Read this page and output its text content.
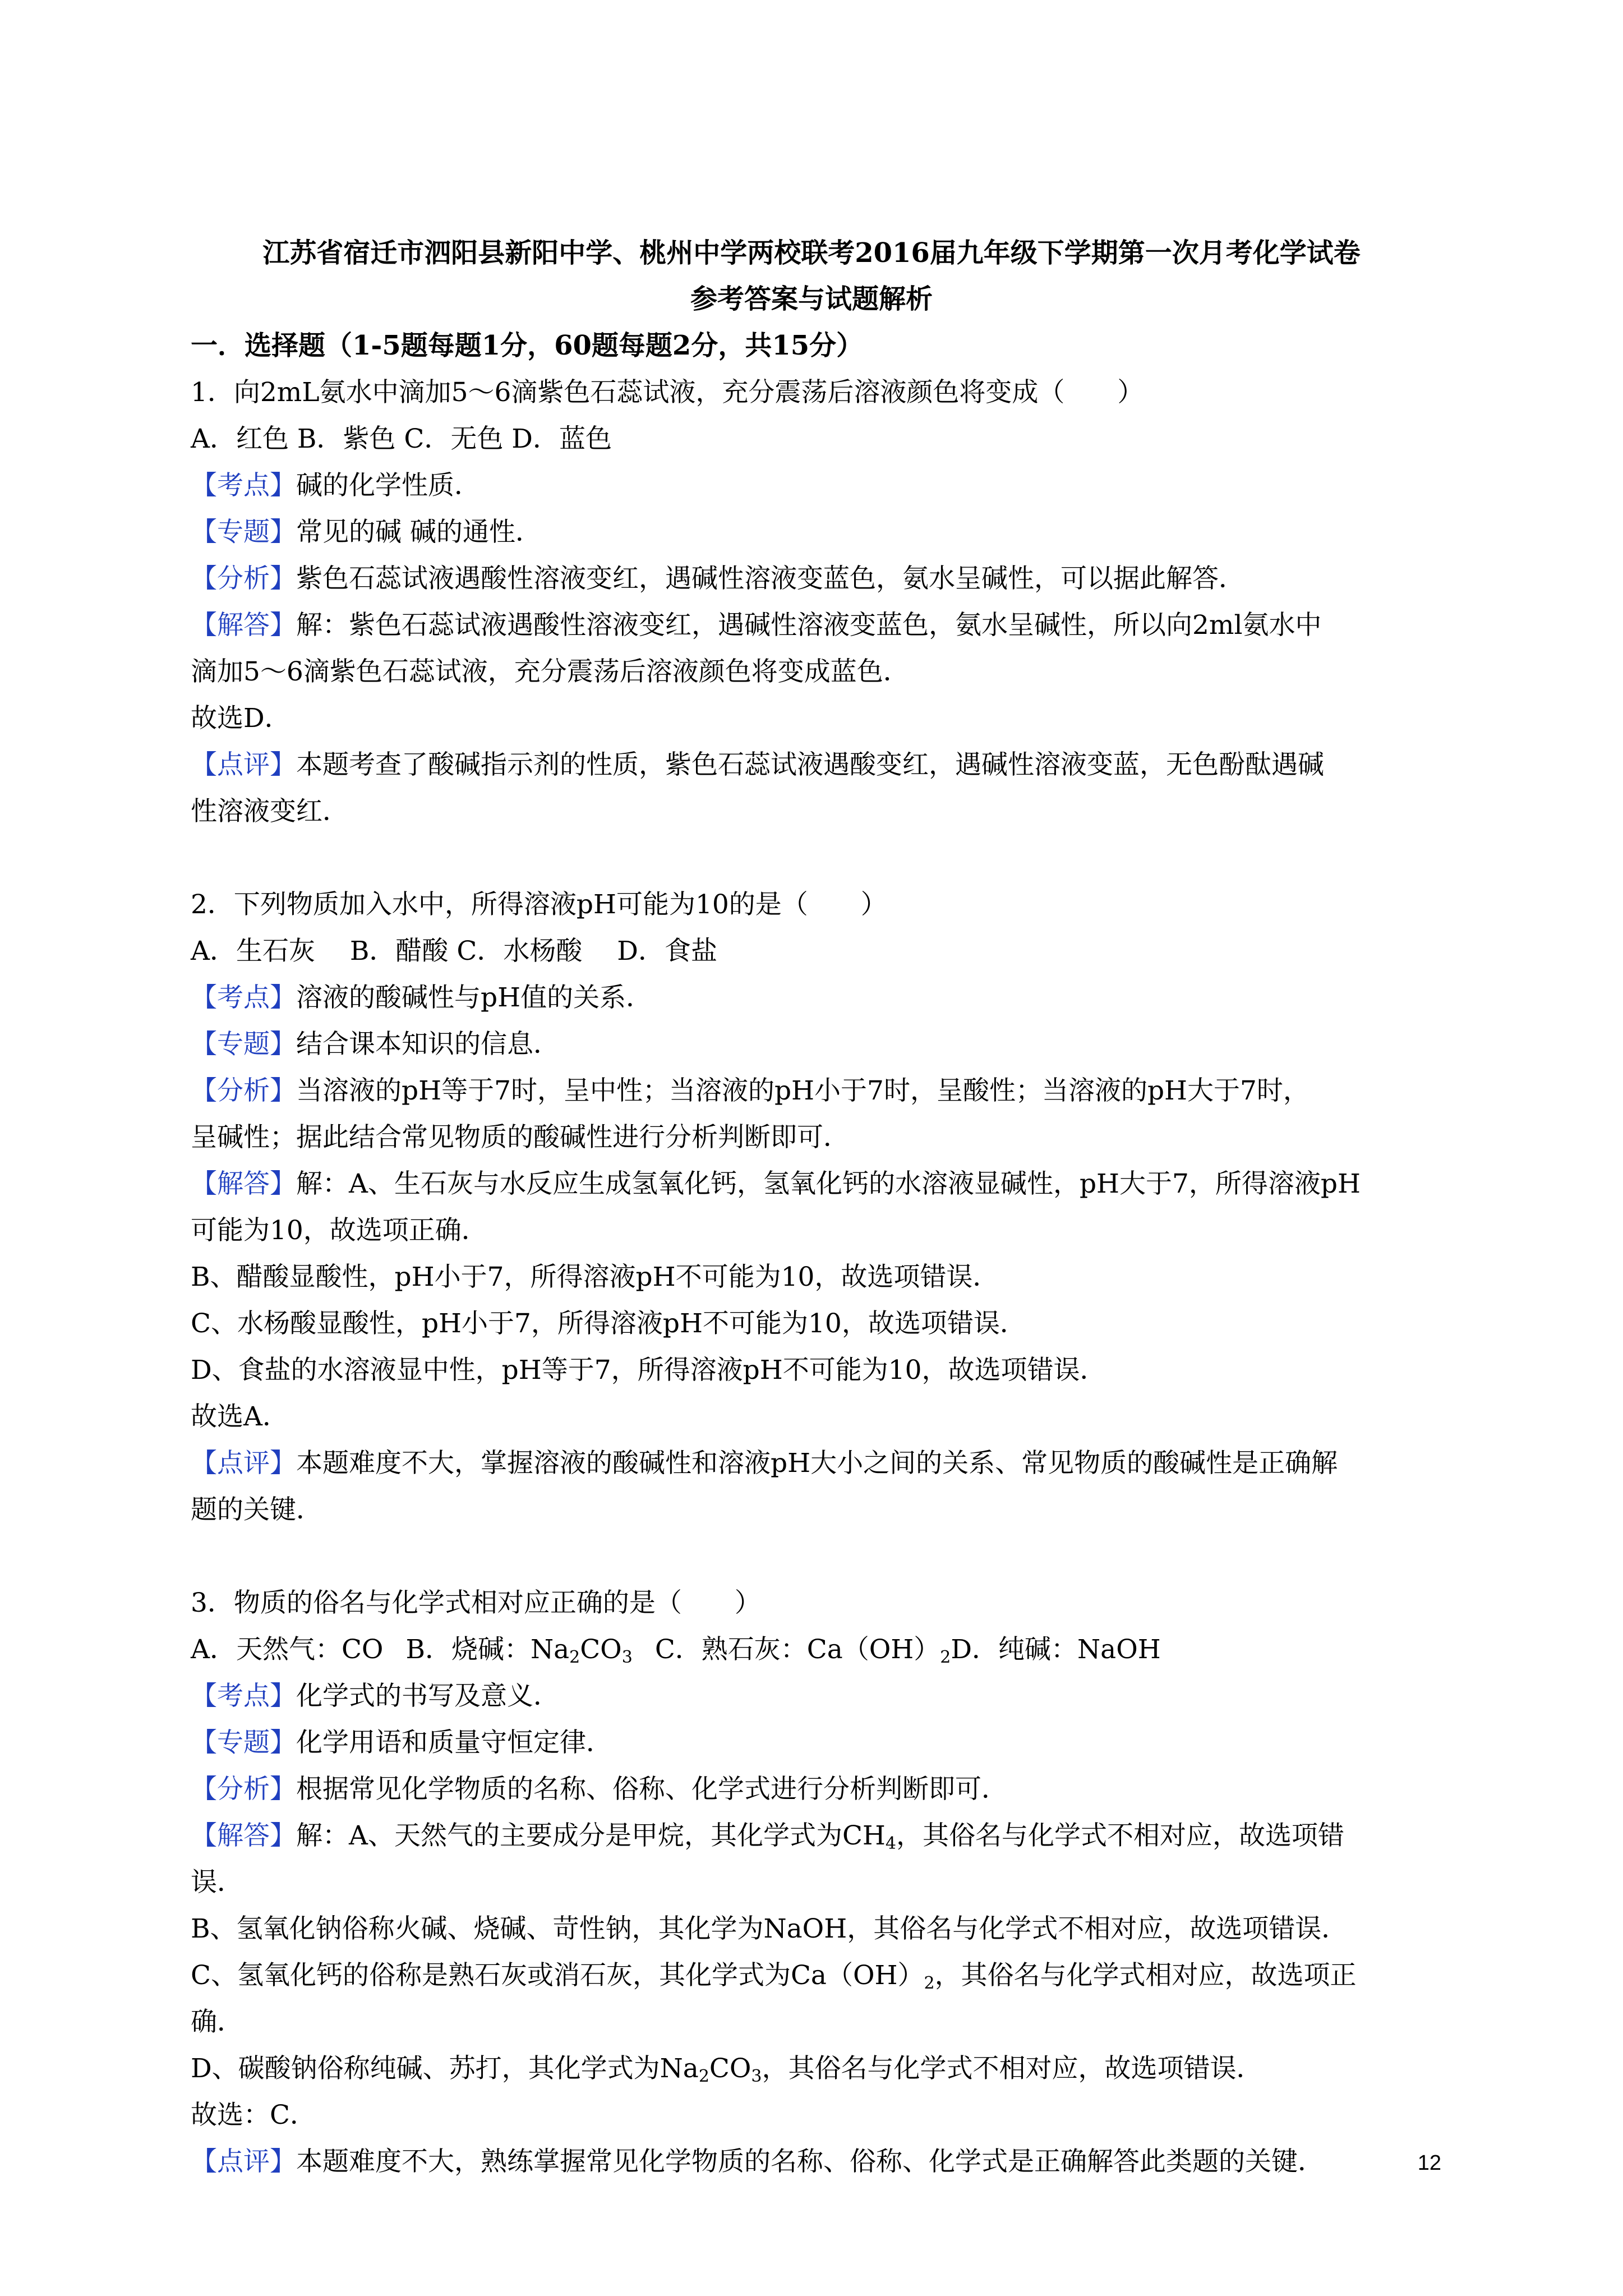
江苏省宿迁市泗阳县新阳中学、桃州中学两校联考2016届九年级下学期第一次月考化学试卷
参考答案与试题解析
一．选择题（1-5题每题1分，60题每题2分，共15分）
1．向2mL氨水中滴加5～6滴紫色石蕊试液，充分震荡后溶液颜色将变成（　　）
A．红色 B．紫色 C．无色 D．蓝色
【考点】碱的化学性质．
【专题】常见的碱 碱的通性．
【分析】紫色石蕊试液遇酸性溶液变红，遇碱性溶液变蓝色，氨水呈碱性，可以据此解答．
【解答】解：紫色石蕊试液遇酸性溶液变红，遇碱性溶液变蓝色，氨水呈碱性，所以向2ml氨水中
滴加5～6滴紫色石蕊试液，充分震荡后溶液颜色将变成蓝色．
故选D．
【点评】本题考查了酸碱指示剂的性质，紫色石蕊试液遇酸变红，遇碱性溶液变蓝，无色酚酞遇碱
性溶液变红．
2．下列物质加入水中，所得溶液pH可能为10的是（　　）
A．生石灰　 B．醋酸 C．水杨酸　 D．食盐
【考点】溶液的酸碱性与pH值的关系．
【专题】结合课本知识的信息．
【分析】当溶液的pH等于7时，呈中性；当溶液的pH小于7时，呈酸性；当溶液的pH大于7时，
呈碱性；据此结合常见物质的酸碱性进行分析判断即可．
【解答】解：A、生石灰与水反应生成氢氧化钙，氢氧化钙的水溶液显碱性，pH大于7，所得溶液pH
可能为10，故选项正确．
B、醋酸显酸性，pH小于7，所得溶液pH不可能为10，故选项错误．
C、水杨酸显酸性，pH小于7，所得溶液pH不可能为10，故选项错误．
D、食盐的水溶液显中性，pH等于7，所得溶液pH不可能为10，故选项错误．
故选A．
【点评】本题难度不大，掌握溶液的酸碱性和溶液pH大小之间的关系、常见物质的酸碱性是正确解
题的关键．
3．物质的俗名与化学式相对应正确的是（　　）
A．天然气：CO B．烧碱：$Na_2CO_3$ C．熟石灰：$Ca(OH)_2D$．纯碱：NaOH
【考点】化学式的书写及意义．
【专题】化学用语和质量守恒定律．
【分析】根据常见化学物质的名称、俗称、化学式进行分析判断即可．
【解答】解：A、天然气的主要成分是甲烷，其化学式为$CH_4$，其俗名与化学式不相对应，故选项错
误．
B、氢氧化钠俗称火碱、烧碱、苛性钠，其化学为NaOH，其俗名与化学式不相对应，故选项错误．
C、氢氧化钙的俗称是熟石灰或消石灰，其化学式为$Ca(OH)_2$，其俗名与化学式相对应，故选项正
确．
D、碳酸钠俗称纯碱、苏打，其化学式为$Na_2CO_3$，其俗名与化学式不相对应，故选项错误．
故选：C．
【点评】本题难度不大，熟练掌握常见化学物质的名称、俗称、化学式是正确解答此类题的关键．	12
